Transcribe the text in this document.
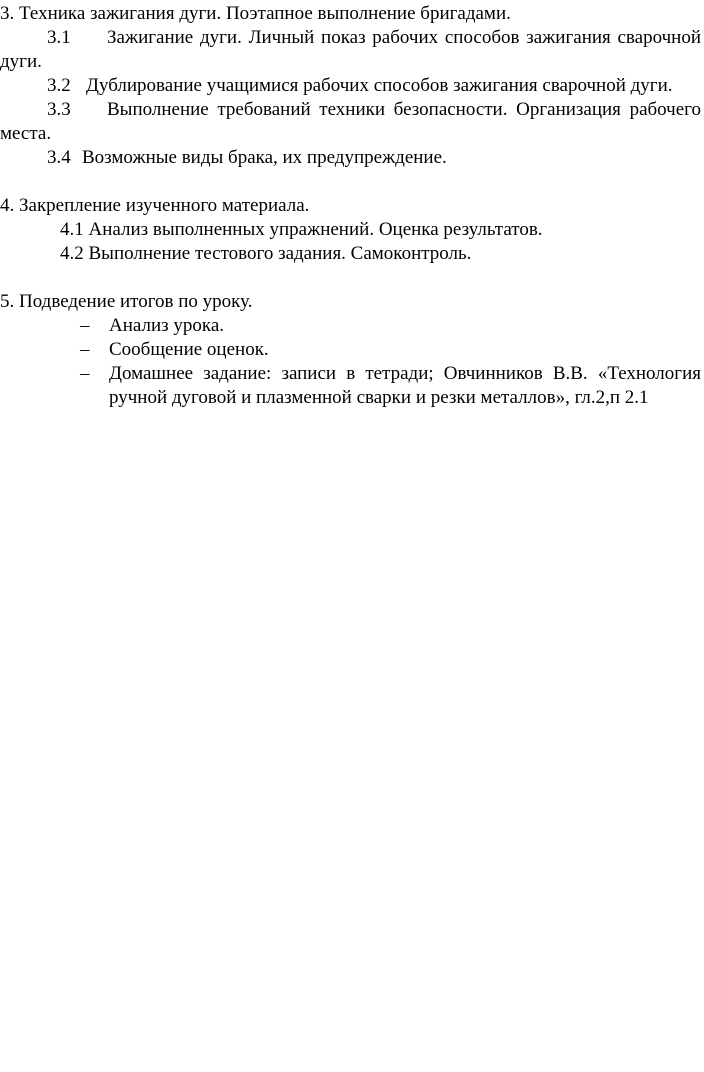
3. Техника зажигания дуги. Поэтапное выполнение бригадами.

3.1 Зажигание дуги. Личный показ рабочих способов зажигания сварочной дуги.

3.2 Дублирование учащимися рабочих способов зажигания сварочной дуги.

3.3 Выполнение требований техники безопасности. Организация рабочего места.

3.4 Возможные виды брака, их предупреждение.

4. Закрепление изученного материала.

4.1 Анализ выполненных упражнений. Оценка результатов.

4.2 Выполнение тестового задания. Самоконтроль.

5. Подведение итогов по уроку.

– Анализ урока.
– Сообщение оценок.
– Домашнее задание: записи в тетради; Овчинников В.В. «Технология ручной дуговой и плазменной сварки и резки металлов», гл.2,п 2.1
